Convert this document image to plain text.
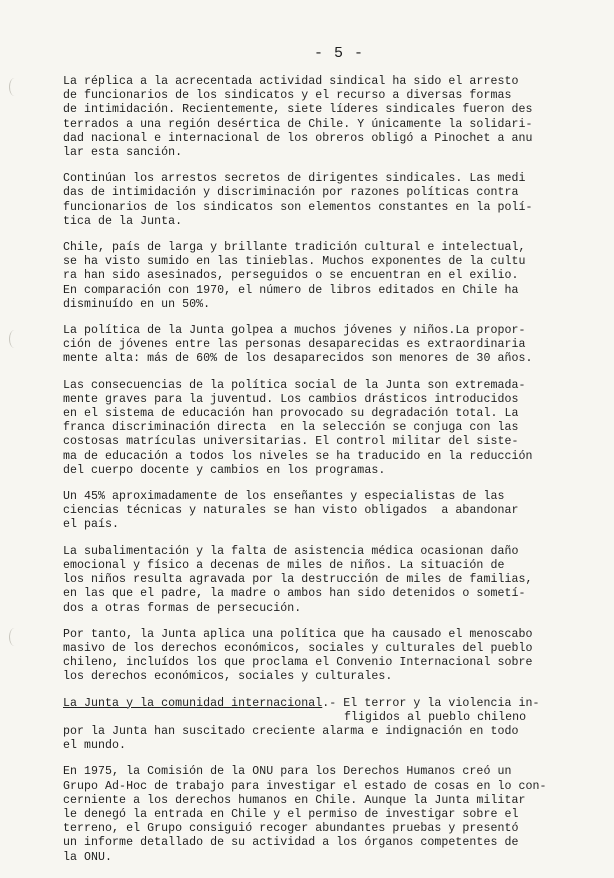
- 5 -
La réplica a la acrecentada actividad sindical ha sido el arresto
de funcionarios de los sindicatos y el recurso a diversas formas
de intimidación. Recientemente, siete líderes sindicales fueron des
terrados a una región desértica de Chile. Y únicamente la solidari-
dad nacional e internacional de los obreros obligó a Pinochet a anu
lar esta sanción.
Continúan los arrestos secretos de dirigentes sindicales. Las medi
das de intimidación y discriminación por razones políticas contra
funcionarios de los sindicatos son elementos constantes en la polí-
tica de la Junta.
Chile, país de larga y brillante tradición cultural e intelectual,
se ha visto sumido en las tinieblas. Muchos exponentes de la cultu
ra han sido asesinados, perseguidos o se encuentran en el exilio.
En comparación con 1970, el número de libros editados en Chile ha
disminuído en un 50%.
La política de la Junta golpea a muchos jóvenes y niños.La propor-
ción de jóvenes entre las personas desaparecidas es extraordinaria
mente alta: más de 60% de los desaparecidos son menores de 30 años.
Las consecuencias de la política social de la Junta son extremada-
mente graves para la juventud. Los cambios drásticos introducidos
en el sistema de educación han provocado su degradación total. La
franca discriminación directa  en la selección se conjuga con las
costosas matrículas universitarias. El control militar del siste-
ma de educación a todos los niveles se ha traducido en la reducción
del cuerpo docente y cambios en los programas.
Un 45% aproximadamente de los enseñantes y especialistas de las
ciencias técnicas y naturales se han visto obligados  a abandonar
el país.
La subalimentación y la falta de asistencia médica ocasionan daño
emocional y físico a decenas de miles de niños. La situación de
los niños resulta agravada por la destrucción de miles de familias,
en las que el padre, la madre o ambos han sido detenidos o sometí-
dos a otras formas de persecución.
Por tanto, la Junta aplica una política que ha causado el menoscabo
masivo de los derechos económicos, sociales y culturales del pueblo
chileno, incluídos los que proclama el Convenio Internacional sobre
los derechos económicos, sociales y culturales.
La Junta y la comunidad internacional.- El terror y la violencia in-
fligidos al pueblo chileno
por la Junta han suscitado creciente alarma e indignación en todo
el mundo.
En 1975, la Comisión de la ONU para los Derechos Humanos creó un
Grupo Ad-Hoc de trabajo para investigar el estado de cosas en lo con-
cerniente a los derechos humanos en Chile. Aunque la Junta militar
le denegó la entrada en Chile y el permiso de investigar sobre el
terreno, el Grupo consiguió recoger abundantes pruebas y presentó
un informe detallado de su actividad a los órganos competentes de
la ONU.
